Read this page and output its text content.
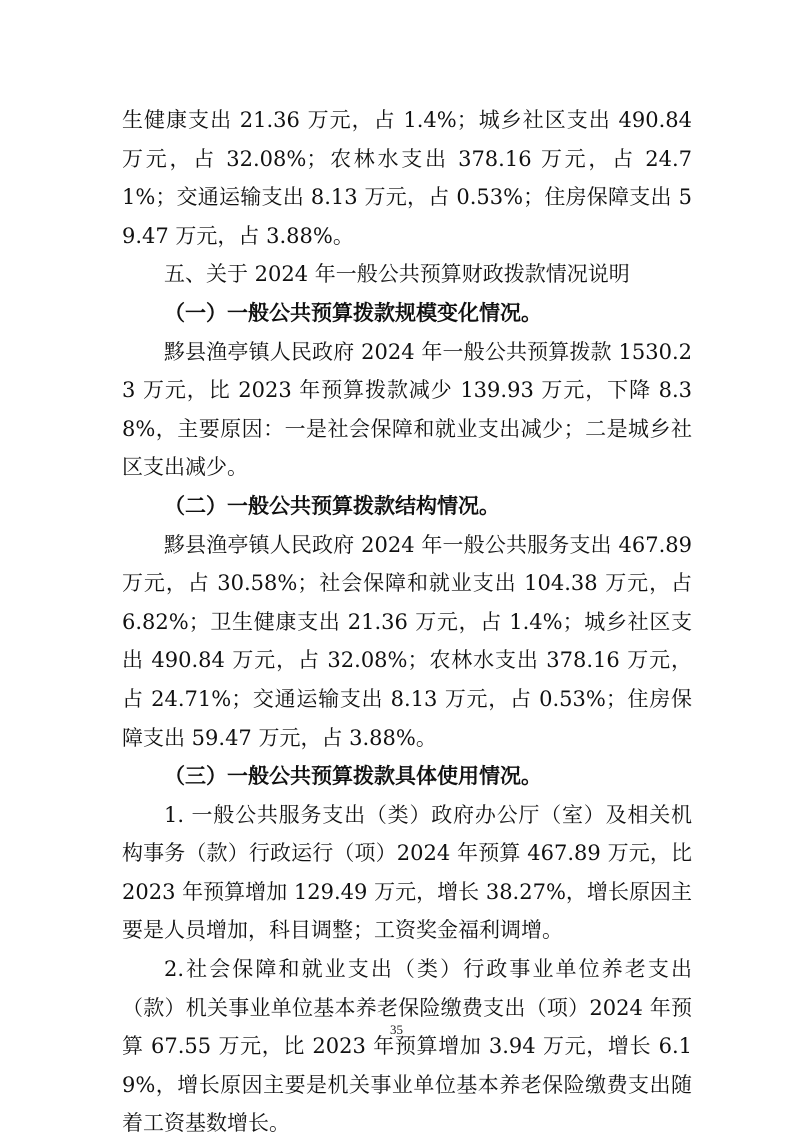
生健康支出 21.36 万元，占 1.4%；城乡社区支出 490.84 万元，占 32.08%；农林水支出 378.16 万元，占 24.71%；交通运输支出 8.13 万元，占 0.53%；住房保障支出 59.47 万元，占 3.88%。

五、关于 2024 年一般公共预算财政拨款情况说明

（一）一般公共预算拨款规模变化情况。

黟县渔亭镇人民政府 2024 年一般公共预算拨款 1530.23 万元，比 2023 年预算拨款减少 139.93 万元，下降 8.38%，主要原因：一是社会保障和就业支出减少；二是城乡社区支出减少。

（二）一般公共预算拨款结构情况。

黟县渔亭镇人民政府 2024 年一般公共服务支出 467.89 万元，占 30.58%；社会保障和就业支出 104.38 万元，占 6.82%；卫生健康支出 21.36 万元，占 1.4%；城乡社区支出 490.84 万元，占 32.08%；农林水支出 378.16 万元，占 24.71%；交通运输支出 8.13 万元，占 0.53%；住房保障支出 59.47 万元，占 3.88%。

（三）一般公共预算拨款具体使用情况。

1. 一般公共服务支出（类）政府办公厅（室）及相关机构事务（款）行政运行（项）2024 年预算 467.89 万元，比 2023 年预算增加 129.49 万元，增长 38.27%，增长原因主要是人员增加，科目调整；工资奖金福利调增。

2.社会保障和就业支出（类）行政事业单位养老支出（款）机关事业单位基本养老保险缴费支出（项）2024 年预算 67.55 万元，比 2023 年预算增加 3.94 万元，增长 6.19%，增长原因主要是机关事业单位基本养老保险缴费支出随着工资基数增长。

35
